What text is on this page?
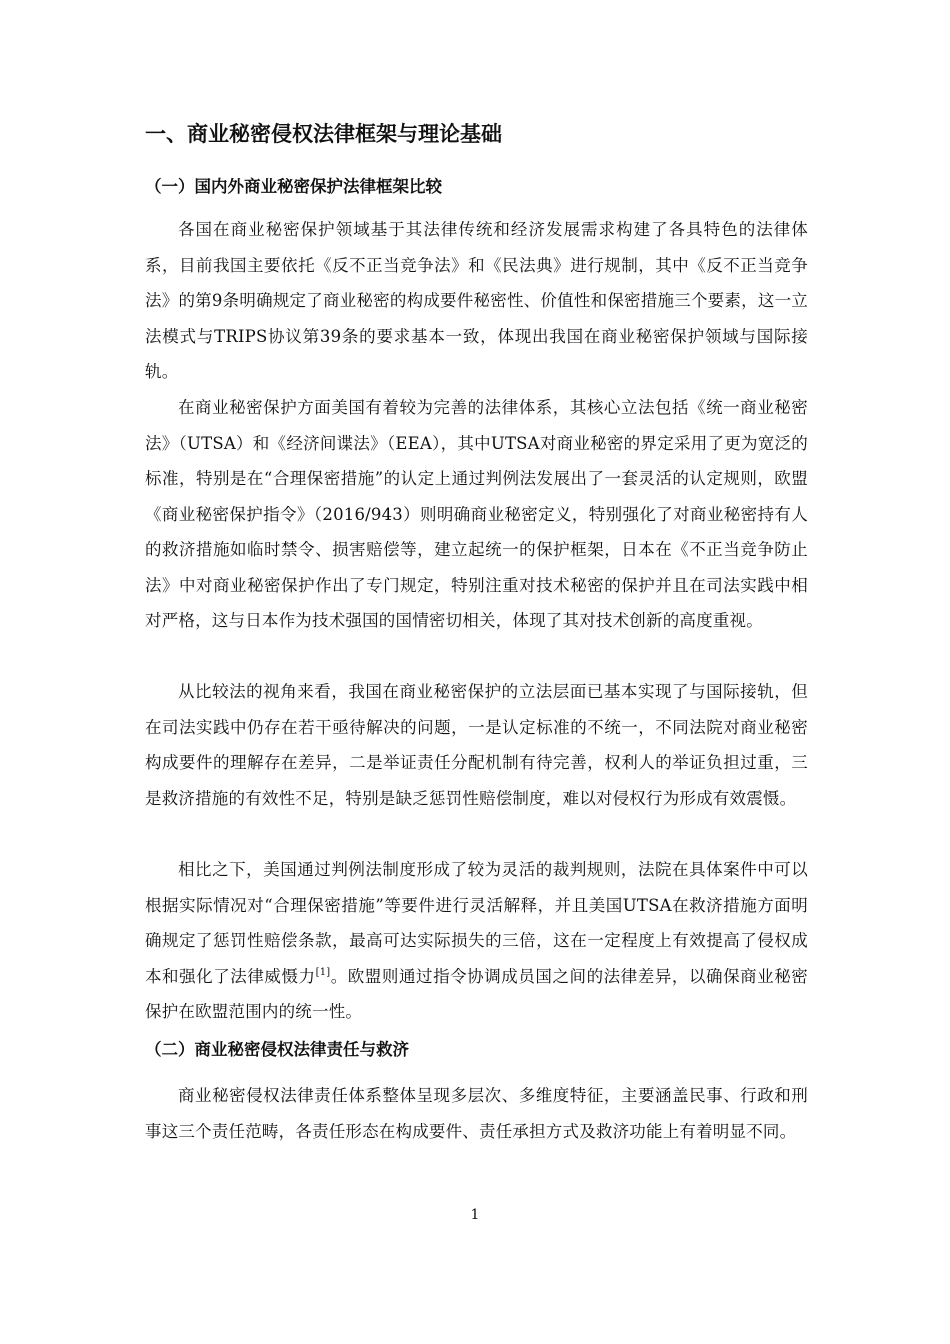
一、商业秘密侵权法律框架与理论基础
（一）国内外商业秘密保护法律框架比较

各国在商业秘密保护领域基于其法律传统和经济发展需求构建了各具特色的法律体系，目前我国主要依托《反不正当竞争法》和《民法典》进行规制，其中《反不正当竞争法》的第9条明确规定了商业秘密的构成要件秘密性、价值性和保密措施三个要素，这一立法模式与TRIPS协议第39条的要求基本一致，体现出我国在商业秘密保护领域与国际接轨。

在商业秘密保护方面美国有着较为完善的法律体系，其核心立法包括《统一商业秘密法》（UTSA）和《经济间谍法》（EEA），其中UTSA对商业秘密的界定采用了更为宽泛的标准，特别是在“合理保密措施”的认定上通过判例法发展出了一套灵活的认定规则，欧盟《商业秘密保护指令》（2016/943）则明确商业秘密定义，特别强化了对商业秘密持有人的救济措施如临时禁令、损害赔偿等，建立起统一的保护框架，日本在《不正当竞争防止法》中对商业秘密保护作出了专门规定，特别注重对技术秘密的保护并且在司法实践中相对严格，这与日本作为技术强国的国情密切相关，体现了其对技术创新的高度重视。

从比较法的视角来看，我国在商业秘密保护的立法层面已基本实现了与国际接轨，但在司法实践中仍存在若干亟待解决的问题，一是认定标准的不统一，不同法院对商业秘密构成要件的理解存在差异，二是举证责任分配机制有待完善，权利人的举证负担过重，三是救济措施的有效性不足，特别是缺乏惩罚性赔偿制度，难以对侵权行为形成有效震慑。

相比之下，美国通过判例法制度形成了较为灵活的裁判规则，法院在具体案件中可以根据实际情况对“合理保密措施”等要件进行灵活解释，并且美国UTSA在救济措施方面明确规定了惩罚性赔偿条款，最高可达实际损失的三倍，这在一定程度上有效提高了侵权成本和强化了法律威慑力[1]。欧盟则通过指令协调成员国之间的法律差异，以确保商业秘密保护在欧盟范围内的统一性。

（二）商业秘密侵权法律责任与救济

商业秘密侵权法律责任体系整体呈现多层次、多维度特征，主要涵盖民事、行政和刑事这三个责任范畴，各责任形态在构成要件、责任承担方式及救济功能上有着明显不同。

1
